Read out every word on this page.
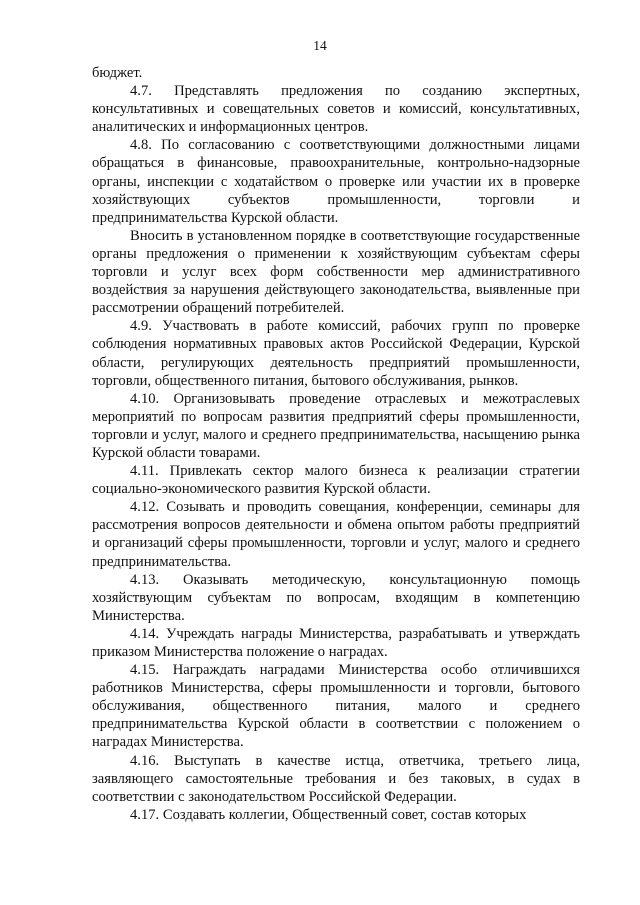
14

бюджет.

4.7. Представлять предложения по созданию экспертных, консультативных и совещательных советов и комиссий, консультативных, аналитических и информационных центров.

4.8. По согласованию с соответствующими должностными лицами обращаться в финансовые, правоохранительные, контрольно-надзорные органы, инспекции с ходатайством о проверке или участии их в проверке хозяйствующих субъектов промышленности, торговли и предпринимательства Курской области.

Вносить в установленном порядке в соответствующие государственные органы предложения о применении к хозяйствующим субъектам сферы торговли и услуг всех форм собственности мер административного воздействия за нарушения действующего законодательства, выявленные при рассмотрении обращений потребителей.

4.9. Участвовать в работе комиссий, рабочих групп по проверке соблюдения нормативных правовых актов Российской Федерации, Курской области, регулирующих деятельность предприятий промышленности, торговли, общественного питания, бытового обслуживания, рынков.

4.10. Организовывать проведение отраслевых и межотраслевых мероприятий по вопросам развития предприятий сферы промышленности, торговли и услуг, малого и среднего предпринимательства, насыщению рынка Курской области товарами.

4.11. Привлекать сектор малого бизнеса к реализации стратегии социально-экономического развития Курской области.

4.12. Созывать и проводить совещания, конференции, семинары для рассмотрения вопросов деятельности и обмена опытом работы предприятий и организаций сферы промышленности, торговли и услуг, малого и среднего предпринимательства.

4.13. Оказывать методическую, консультационную помощь хозяйствующим субъектам по вопросам, входящим в компетенцию Министерства.

4.14. Учреждать награды Министерства, разрабатывать и утверждать приказом Министерства положение о наградах.

4.15. Награждать наградами Министерства особо отличившихся работников Министерства, сферы промышленности и торговли, бытового обслуживания, общественного питания, малого и среднего предпринимательства Курской области в соответствии с положением о наградах Министерства.

4.16. Выступать в качестве истца, ответчика, третьего лица, заявляющего самостоятельные требования и без таковых, в судах в соответствии с законодательством Российской Федерации.

4.17. Создавать коллегии, Общественный совет, состав которых
